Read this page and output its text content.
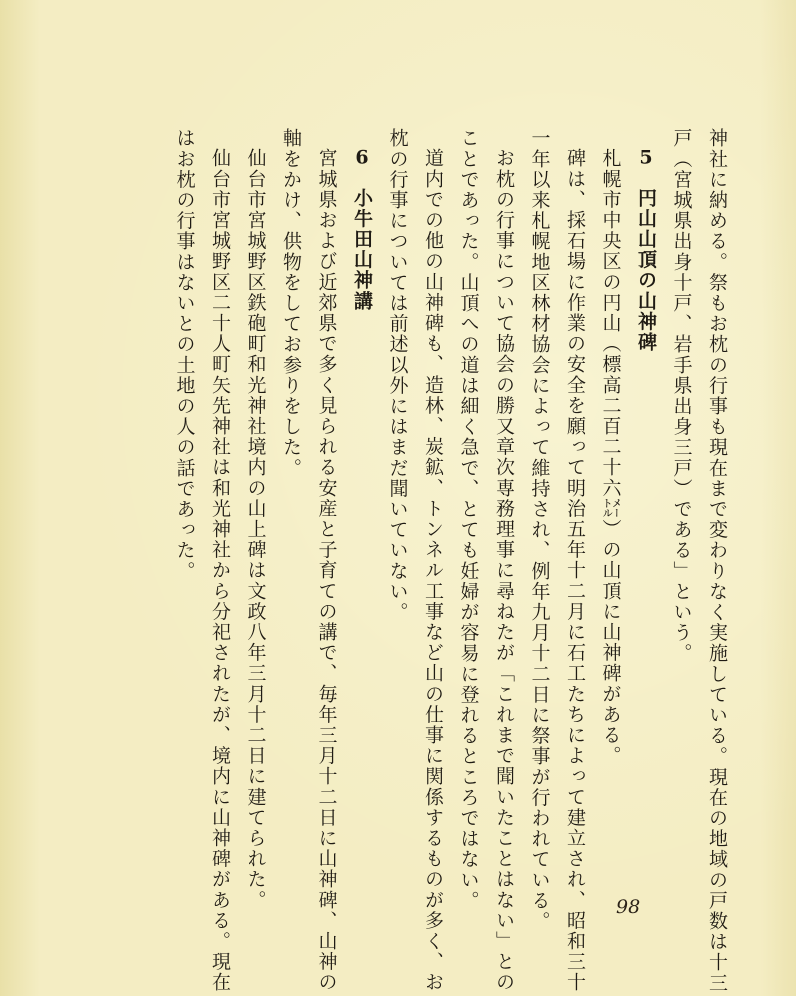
神社に納める。祭もお枕の行事も現在まで変わりなく実施している。現在の地域の戸数は十三
戸（宮城県出身十戸、岩手県出身三戸）である」という。
5　円山山頂の山神碑
札幌市中央区の円山（標高二百二十六㍍）の山頂に山神碑がある。
碑は、採石場に作業の安全を願って明治五年十二月に石工たちによって建立され、昭和三十
一年以来札幌地区林材協会によって維持され、例年九月十二日に祭事が行われている。
お枕の行事について協会の勝又章次専務理事に尋ねたが「これまで聞いたことはない」との
ことであった。山頂への道は細く急で、とても妊婦が容易に登れるところではない。
道内での他の山神碑も、造林、炭鉱、トンネル工事など山の仕事に関係するものが多く、お
枕の行事については前述以外にはまだ聞いていない。
6　小牛田山神講
宮城県および近郊県で多く見られる安産と子育ての講で、毎年三月十二日に山神碑、山神の
軸をかけ、供物をしてお参りをした。
仙台市宮城野区鉄砲町和光神社境内の山上碑は文政八年三月十二日に建てられた。
仙台市宮城野区二十人町矢先神社は和光神社から分祀されたが、境内に山神碑がある。現在
はお枕の行事はないとの土地の人の話であった。
98
